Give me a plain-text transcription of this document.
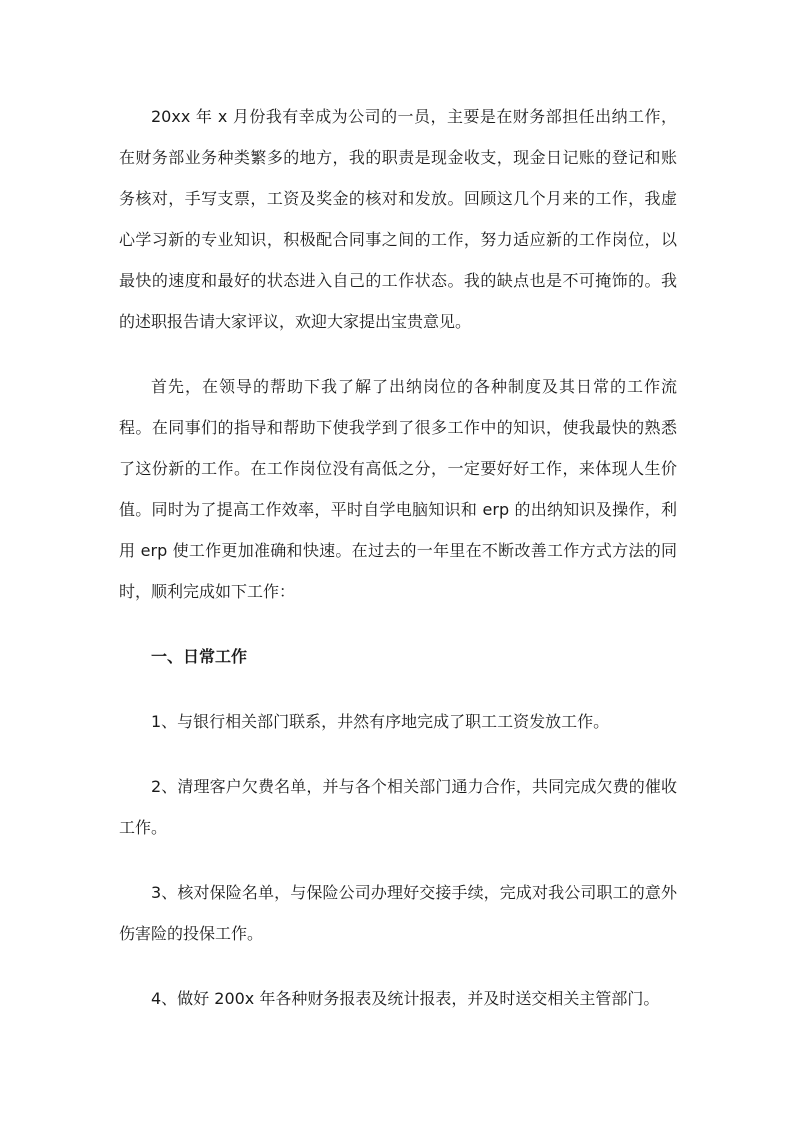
20xx 年 x 月份我有幸成为公司的一员，主要是在财务部担任出纳工作，在财务部业务种类繁多的地方，我的职责是现金收支，现金日记账的登记和账务核对，手写支票，工资及奖金的核对和发放。回顾这几个月来的工作，我虚心学习新的专业知识，积极配合同事之间的工作，努力适应新的工作岗位，以最快的速度和最好的状态进入自己的工作状态。我的缺点也是不可掩饰的。我的述职报告请大家评议，欢迎大家提出宝贵意见。

首先，在领导的帮助下我了解了出纳岗位的各种制度及其日常的工作流程。在同事们的指导和帮助下使我学到了很多工作中的知识，使我最快的熟悉了这份新的工作。在工作岗位没有高低之分，一定要好好工作，来体现人生价值。同时为了提高工作效率，平时自学电脑知识和 erp 的出纳知识及操作，利用 erp 使工作更加准确和快速。在过去的一年里在不断改善工作方式方法的同时，顺利完成如下工作：

一、日常工作

1、与银行相关部门联系，井然有序地完成了职工工资发放工作。

2、清理客户欠费名单，并与各个相关部门通力合作，共同完成欠费的催收工作。

3、核对保险名单，与保险公司办理好交接手续，完成对我公司职工的意外伤害险的投保工作。

4、做好 200x 年各种财务报表及统计报表，并及时送交相关主管部门。
